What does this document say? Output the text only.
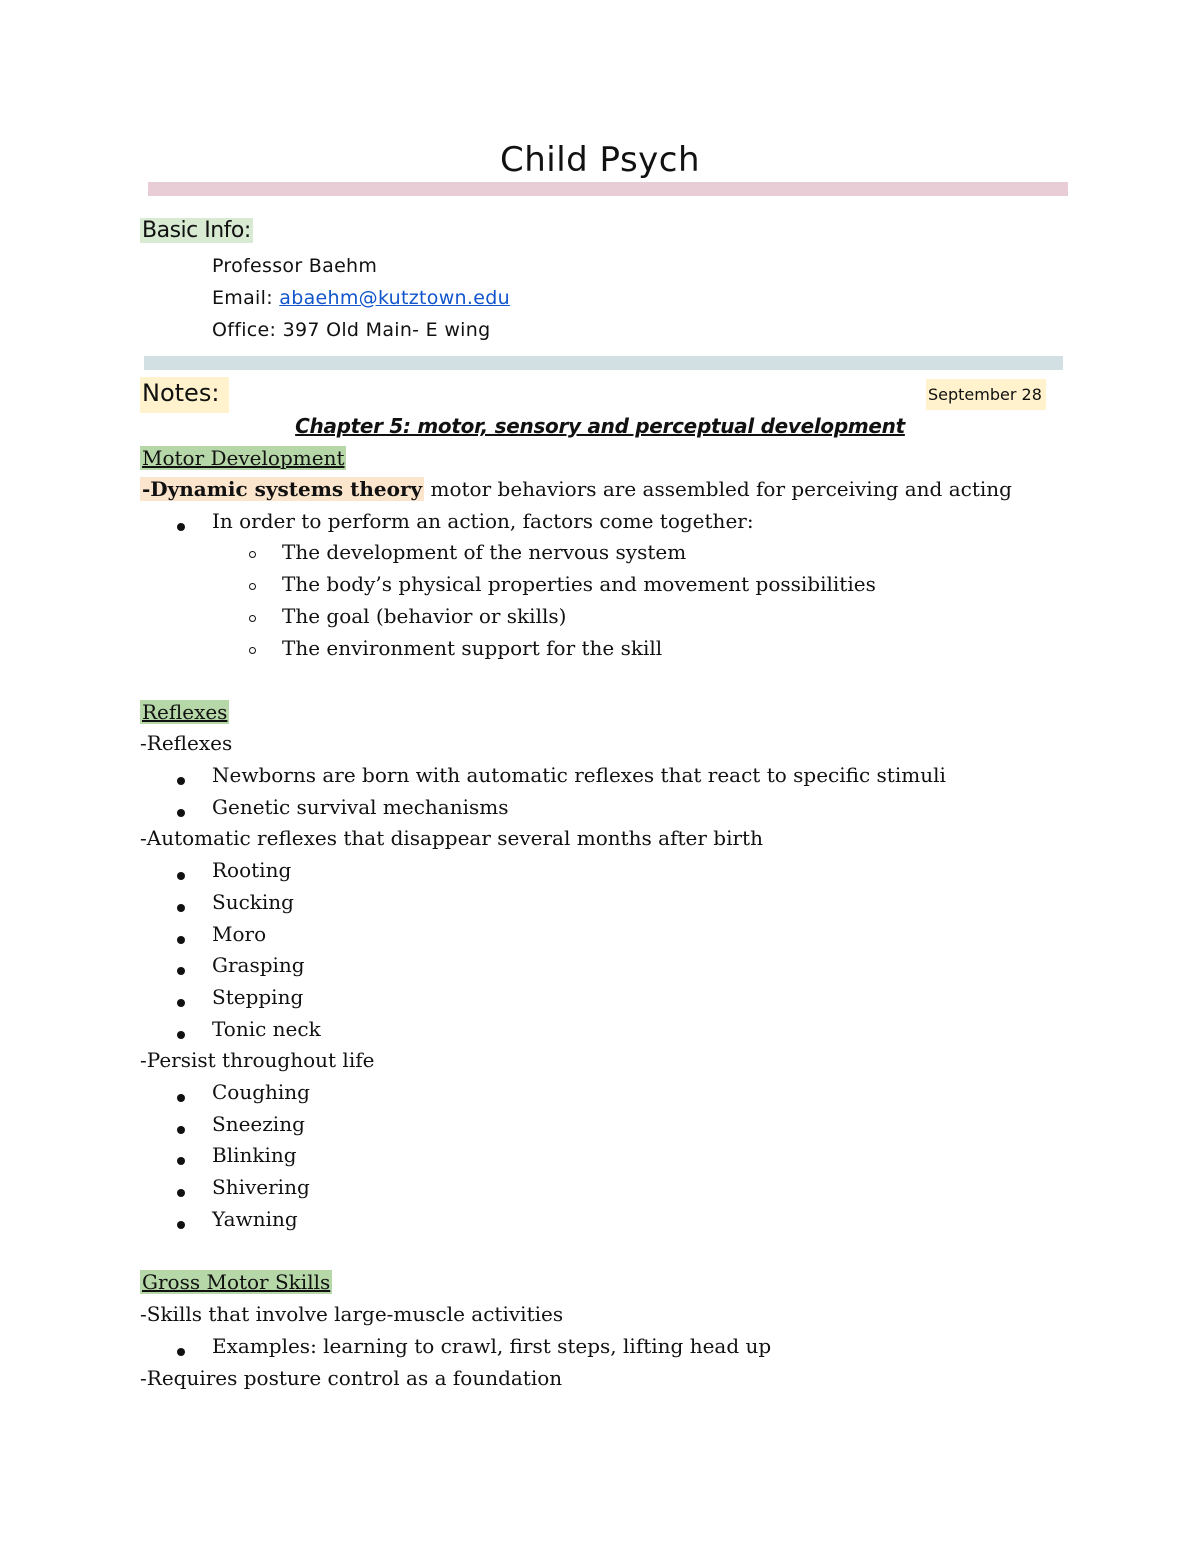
Child Psych
Basic Info:
Professor Baehm
Email: abaehm@kutztown.edu
Office: 397 Old Main- E wing
Notes:	September 28
Chapter 5: motor, sensory and perceptual development
Motor Development
-Dynamic systems theory motor behaviors are assembled for perceiving and acting
In order to perform an action, factors come together:
The development of the nervous system
The body’s physical properties and movement possibilities
The goal (behavior or skills)
The environment support for the skill
Reflexes
-Reflexes
Newborns are born with automatic reflexes that react to specific stimuli
Genetic survival mechanisms
-Automatic reflexes that disappear several months after birth
Rooting
Sucking
Moro
Grasping
Stepping
Tonic neck
-Persist throughout life
Coughing
Sneezing
Blinking
Shivering
Yawning
Gross Motor Skills
-Skills that involve large-muscle activities
Examples: learning to crawl, first steps, lifting head up
-Requires posture control as a foundation
